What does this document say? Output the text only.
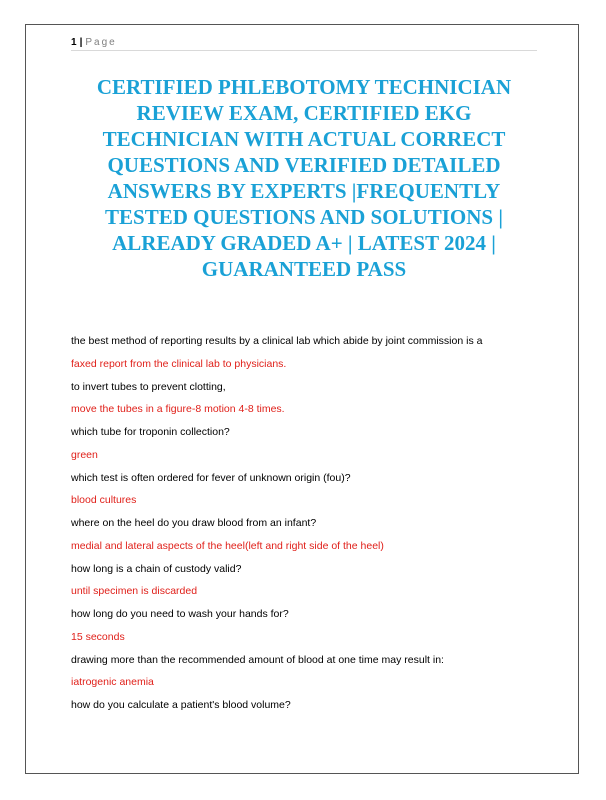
1 | Page
CERTIFIED PHLEBOTOMY TECHNICIAN REVIEW EXAM, CERTIFIED EKG TECHNICIAN WITH ACTUAL CORRECT QUESTIONS AND VERIFIED DETAILED ANSWERS BY EXPERTS |FREQUENTLY TESTED QUESTIONS AND SOLUTIONS | ALREADY GRADED A+ | LATEST 2024 | GUARANTEED PASS
the best method of reporting results by a clinical lab which abide by joint commission is a
faxed report from the clinical lab to physicians.
to invert tubes to prevent clotting,
move the tubes in a figure-8 motion 4-8 times.
which tube for troponin collection?
green
which test is often ordered for fever of unknown origin (fou)?
blood cultures
where on the heel do you draw blood from an infant?
medial and lateral aspects of the heel(left and right side of the heel)
how long is a chain of custody valid?
until specimen is discarded
how long do you need to wash your hands for?
15 seconds
drawing more than the recommended amount of blood at one time may result in:
iatrogenic anemia
how do you calculate a patient's blood volume?
